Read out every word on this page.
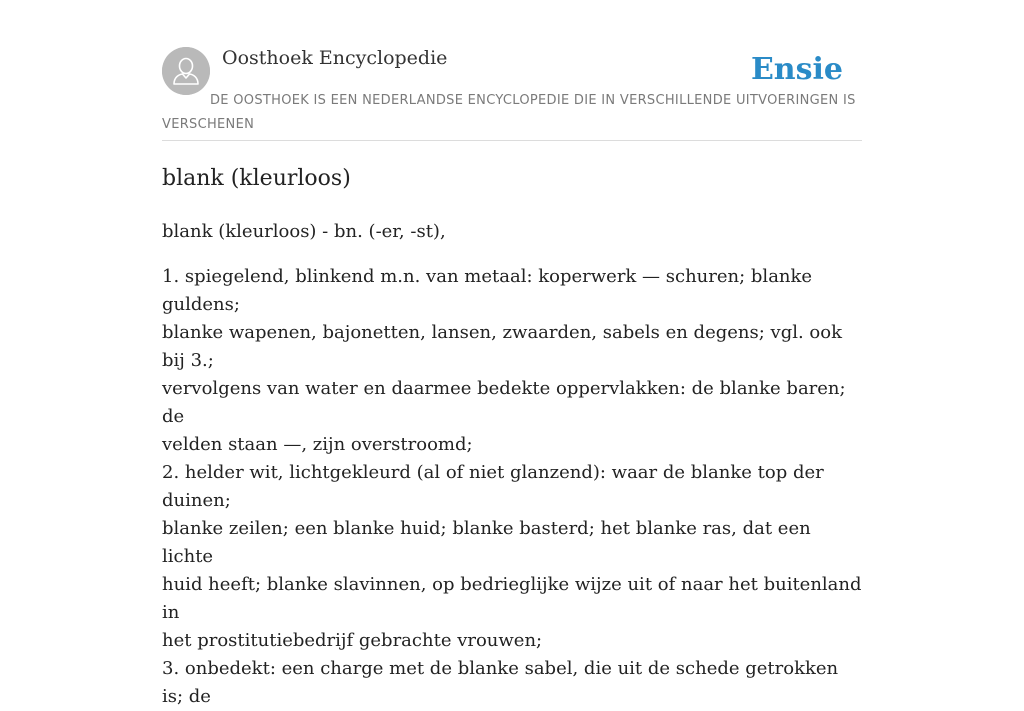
Oosthoek Encyclopedie	Ensie
DE OOSTHOEK IS EEN NEDERLANDSE ENCYCLOPEDIE DIE IN VERSCHILLENDE UITVOERINGEN IS VERSCHENEN
blank (kleurloos)

blank (kleurloos) - bn. (-er, -st),

1. spiegelend, blinkend m.n. van metaal: koperwerk — schuren; blanke guldens;
blanke wapenen, bajonetten, lansen, zwaarden, sabels en degens; vgl. ook bij 3.;
vervolgens van water en daarmee bedekte oppervlakken: de blanke baren; de
velden staan —, zijn overstroomd;
2. helder wit, lichtgekleurd (al of niet glanzend): waar de blanke top der duinen;
blanke zeilen; een blanke huid; blanke basterd; het blanke ras, dat een lichte
huid heeft; blanke slavinnen, op bedrieglijke wijze uit of naar het buitenland in
het prostitutiebedrijf gebrachte vrouwen;
3. onbedekt: een charge met de blanke sabel, die uit de schede getrokken is; de
